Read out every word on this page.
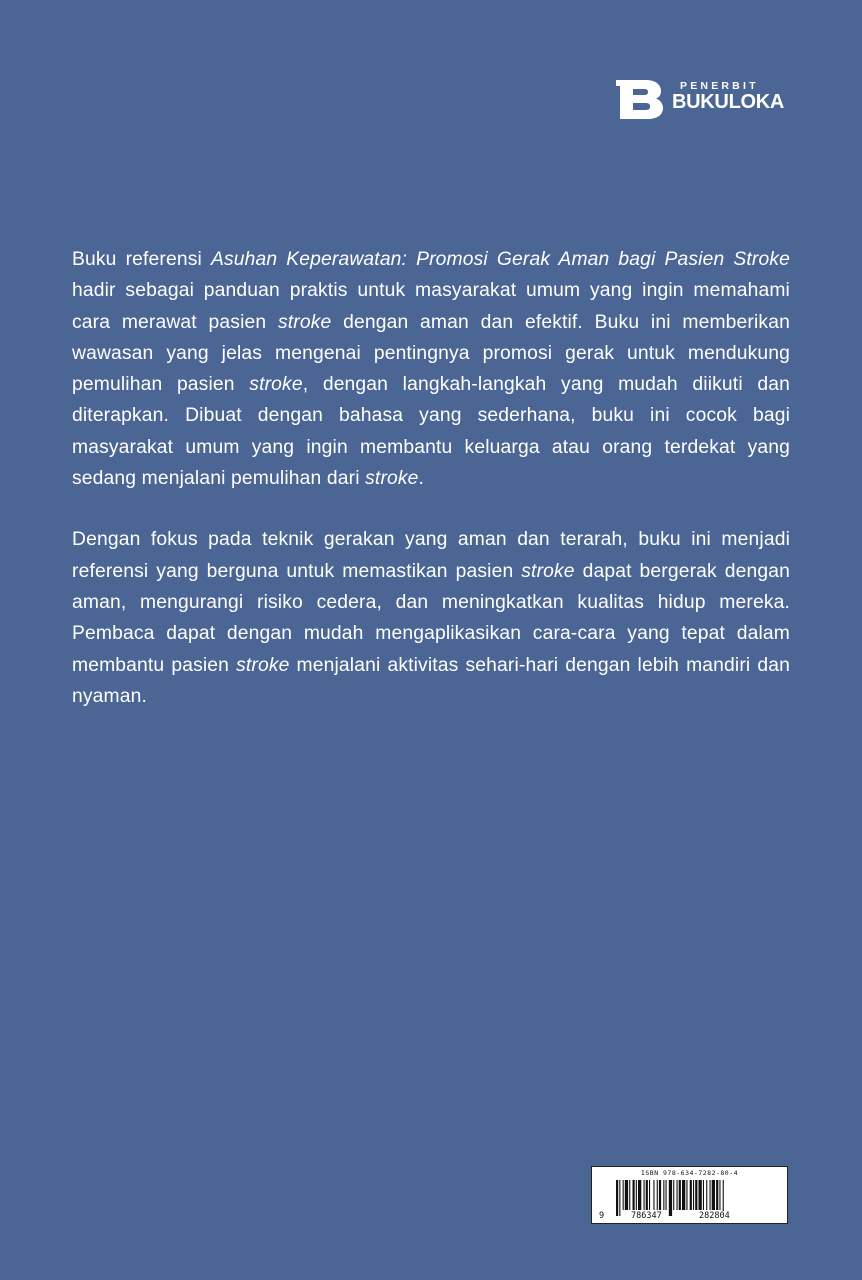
PENERBIT
BUKULOKA

Buku referensi Asuhan Keperawatan: Promosi Gerak Aman bagi Pasien Stroke hadir sebagai panduan praktis untuk masyarakat umum yang ingin memahami cara merawat pasien stroke dengan aman dan efektif. Buku ini memberikan wawasan yang jelas mengenai pentingnya promosi gerak untuk mendukung pemulihan pasien stroke, dengan langkah-langkah yang mudah diikuti dan diterapkan. Dibuat dengan bahasa yang sederhana, buku ini cocok bagi masyarakat umum yang ingin membantu keluarga atau orang terdekat yang sedang menjalani pemulihan dari stroke.

Dengan fokus pada teknik gerakan yang aman dan terarah, buku ini menjadi referensi yang berguna untuk memastikan pasien stroke dapat bergerak dengan aman, mengurangi risiko cedera, dan meningkatkan kualitas hidup mereka. Pembaca dapat dengan mudah mengaplikasikan cara-cara yang tepat dalam membantu pasien stroke menjalani aktivitas sehari-hari dengan lebih mandiri dan nyaman.

ISBN 978-634-7282-80-4
9	786347	282804
